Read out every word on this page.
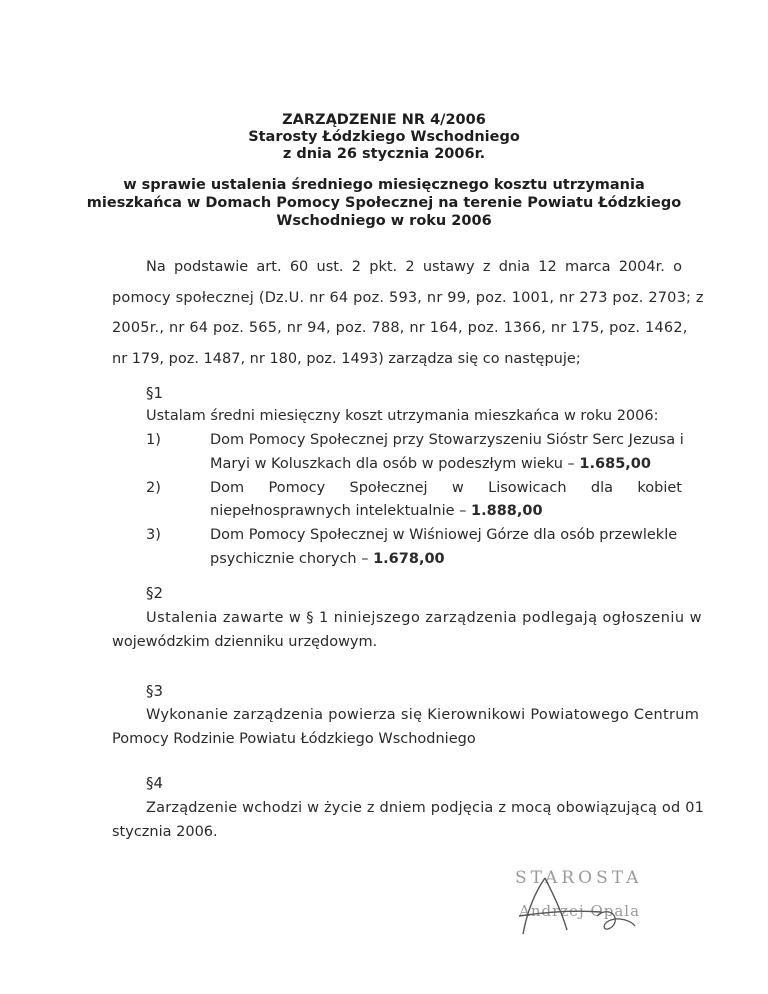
ZARZĄDZENIE NR 4/2006
Starosty Łódzkiego Wschodniego
z dnia 26 stycznia 2006r.
w sprawie ustalenia średniego miesięcznego kosztu utrzymania
mieszkańca w Domach Pomocy Społecznej na terenie Powiatu Łódzkiego
Wschodniego w roku 2006
Na podstawie art. 60 ust. 2 pkt. 2 ustawy z dnia 12 marca 2004r. o
pomocy społecznej (Dz.U. nr 64 poz. 593, nr 99, poz. 1001, nr 273 poz. 2703; z
2005r., nr 64 poz. 565, nr 94, poz. 788, nr 164, poz. 1366, nr 175, poz. 1462,
nr 179, poz. 1487, nr 180, poz. 1493) zarządza się co następuje;
§1
Ustalam średni miesięczny koszt utrzymania mieszkańca w roku 2006:
1)	Dom Pomocy Społecznej przy Stowarzyszeniu Sióstr Serc Jezusa i
Maryi w Koluszkach dla osób w podeszłym wieku – 1.685,00
2)	Dom Pomocy Społecznej w Lisowicach dla kobiet
niepełnosprawnych intelektualnie – 1.888,00
3)	Dom Pomocy Społecznej w Wiśniowej Górze dla osób przewlekle
psychicznie chorych – 1.678,00
§2
Ustalenia zawarte w § 1 niniejszego zarządzenia podlegają ogłoszeniu w
wojewódzkim dzienniku urzędowym.
§3
Wykonanie zarządzenia powierza się Kierownikowi Powiatowego Centrum
Pomocy Rodzinie Powiatu Łódzkiego Wschodniego
§4
Zarządzenie wchodzi w życie z dniem podjęcia z mocą obowiązującą od 01
stycznia 2006.
STAROSTA
Andrzej Opala
